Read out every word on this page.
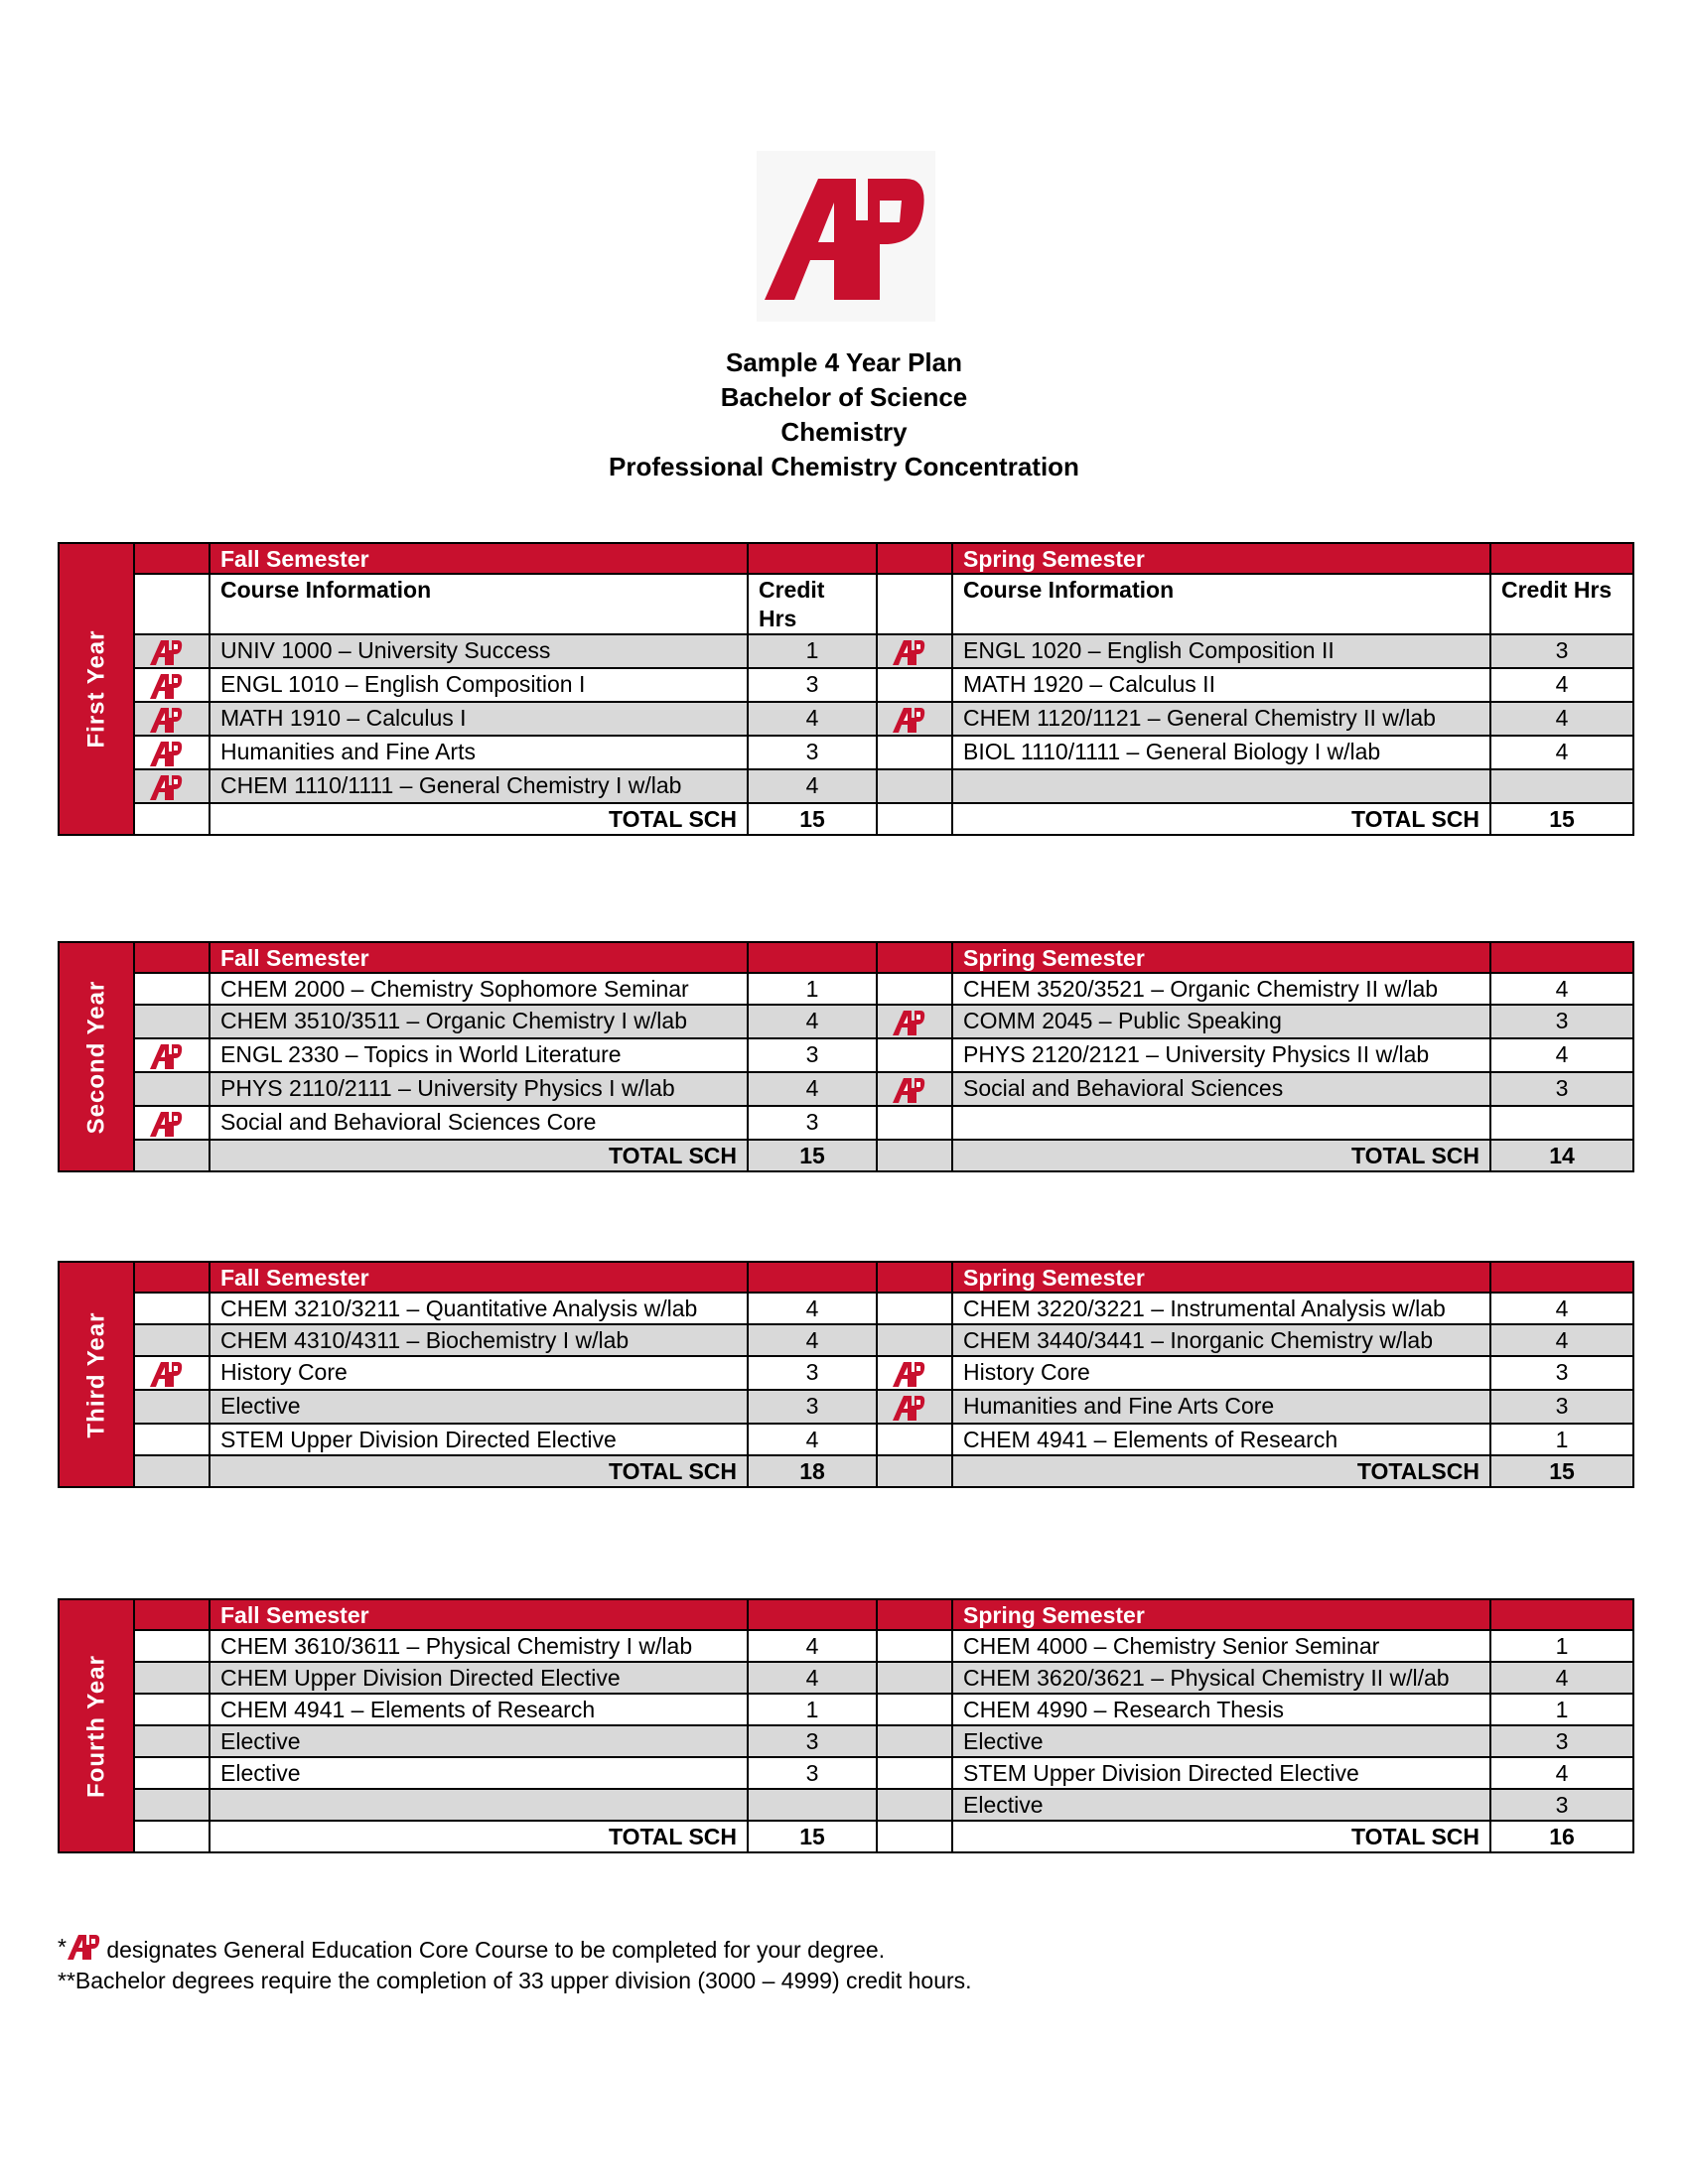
Sample 4 Year Plan
Bachelor of Science
Chemistry
Professional Chemistry Concentration
First Year		Fall Semester			Spring Semester	
		Course Information	Credit Hrs		Course Information	Credit Hrs

	UNIV 1000 – University Success	1		ENGL 1020 – English Composition II	3

	ENGL 1010 – English Composition I	3		MATH 1920 – Calculus II	4

	MATH 1910 – Calculus I	4		CHEM 1120/1121 – General Chemistry II w/lab	4

	Humanities and Fine Arts	3		BIOL 1110/1111 – General Biology I w/lab	4

	CHEM 1110/1111 – General Chemistry I w/lab	4			
		TOTAL SCH	15		TOTAL SCH	15
Second Year		Fall Semester			Spring Semester	
		CHEM 2000 – Chemistry Sophomore Seminar	1		CHEM 3520/3521 – Organic Chemistry II w/lab	4
		CHEM 3510/3511 – Organic Chemistry I w/lab	4		COMM 2045 – Public Speaking	3

	ENGL 2330 – Topics in World Literature	3		PHYS 2120/2121 – University Physics II w/lab	4
		PHYS 2110/2111 – University Physics I w/lab	4		Social and Behavioral Sciences	3

	Social and Behavioral Sciences Core	3			
		TOTAL SCH	15		TOTAL SCH	14
Third Year		Fall Semester			Spring Semester	
		CHEM 3210/3211 – Quantitative Analysis w/lab	4		CHEM 3220/3221 – Instrumental Analysis w/lab	4
		CHEM 4310/4311 – Biochemistry I w/lab	4		CHEM 3440/3441 – Inorganic Chemistry w/lab	4

	History Core	3		History Core	3
		Elective	3		Humanities and Fine Arts Core	3
		STEM Upper Division Directed Elective	4		CHEM 4941 – Elements of Research	1
		TOTAL SCH	18		TOTALSCH	15
Fourth Year		Fall Semester			Spring Semester	
		CHEM 3610/3611 – Physical Chemistry I w/lab	4		CHEM 4000 – Chemistry Senior Seminar	1
		CHEM Upper Division Directed Elective	4		CHEM 3620/3621 – Physical Chemistry II w/l/ab	4
		CHEM 4941 – Elements of Research	1		CHEM 4990 – Research Thesis	1
		Elective	3		Elective	3
		Elective	3		STEM Upper Division Directed Elective	4
					Elective	3
		TOTAL SCH	15		TOTAL SCH	16
* designates General Education Core Course to be completed for your degree.
**Bachelor degrees require the completion of 33 upper division (3000 – 4999) credit hours.
